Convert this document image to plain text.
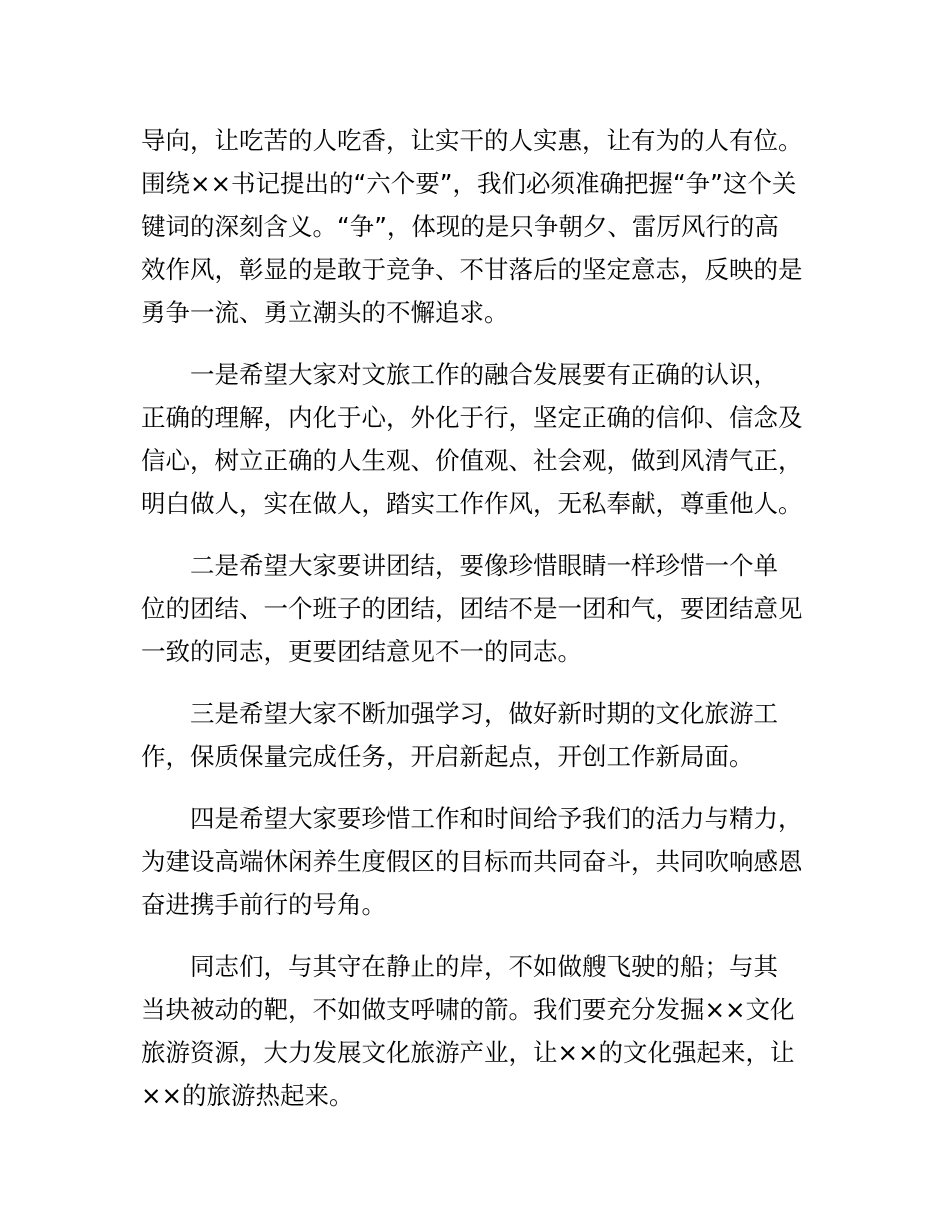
导向，让吃苦的人吃香，让实干的人实惠，让有为的人有位。
围绕××书记提出的“六个要”，我们必须准确把握“争”这个关
键词的深刻含义。“争”，体现的是只争朝夕、雷厉风行的高
效作风，彰显的是敢于竞争、不甘落后的坚定意志，反映的是
勇争一流、勇立潮头的不懈追求。
一是希望大家对文旅工作的融合发展要有正确的认识，
正确的理解，内化于心，外化于行，坚定正确的信仰、信念及
信心，树立正确的人生观、价值观、社会观，做到风清气正，
明白做人，实在做人，踏实工作作风，无私奉献，尊重他人。
二是希望大家要讲团结，要像珍惜眼睛一样珍惜一个单
位的团结、一个班子的团结，团结不是一团和气，要团结意见
一致的同志，更要团结意见不一的同志。
三是希望大家不断加强学习，做好新时期的文化旅游工
作，保质保量完成任务，开启新起点，开创工作新局面。
四是希望大家要珍惜工作和时间给予我们的活力与精力，
为建设高端休闲养生度假区的目标而共同奋斗，共同吹响感恩
奋进携手前行的号角。
同志们，与其守在静止的岸，不如做艘飞驶的船；与其
当块被动的靶，不如做支呼啸的箭。我们要充分发掘××文化
旅游资源，大力发展文化旅游产业，让××的文化强起来，让
××的旅游热起来。
